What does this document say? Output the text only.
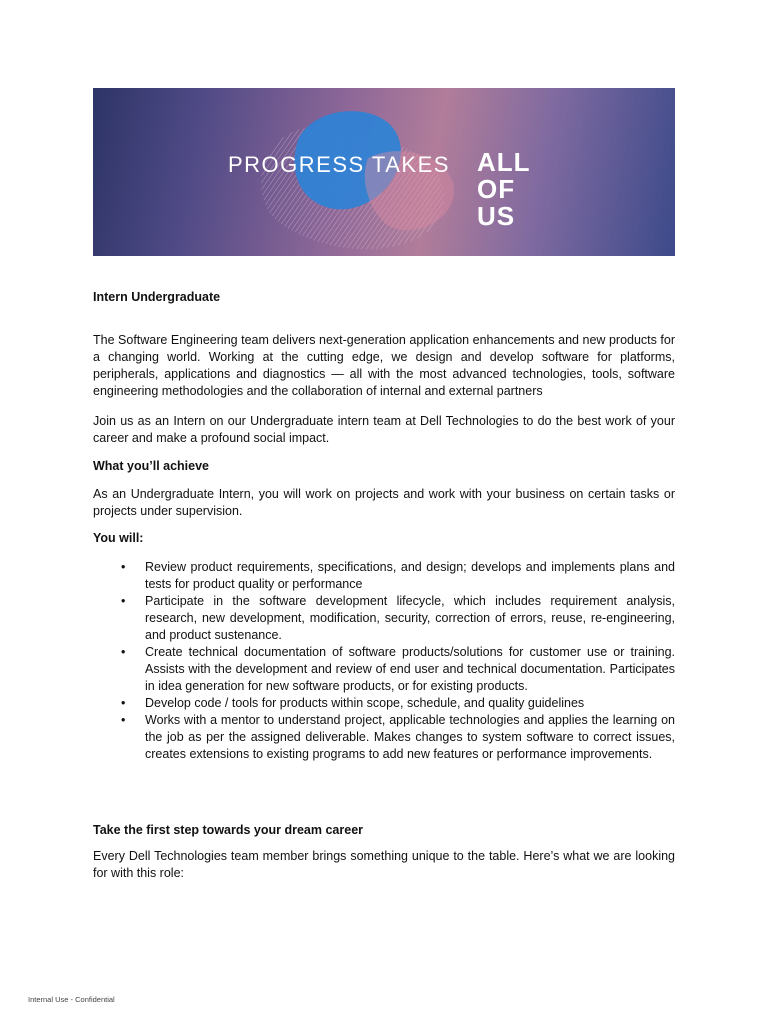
PROGRESS TAKES ALL
OF
US
Intern Undergraduate

The Software Engineering team delivers next-generation application enhancements and new products for a changing world. Working at the cutting edge, we design and develop software for platforms, peripherals, applications and diagnostics — all with the most advanced technologies, tools, software engineering methodologies and the collaboration of internal and external partners

Join us as an Intern on our Undergraduate intern team at Dell Technologies to do the best work of your career and make a profound social impact.

What you’ll achieve

As an Undergraduate Intern, you will work on projects and work with your business on certain tasks or projects under supervision.

You will:
• Review product requirements, specifications, and design; develops and implements plans and tests for product quality or performance
• Participate in the software development lifecycle, which includes requirement analysis, research, new development, modification, security, correction of errors, reuse, re-engineering, and product sustenance.
• Create technical documentation of software products/solutions for customer use or training. Assists with the development and review of end user and technical documentation. Participates in idea generation for new software products, or for existing products.
• Develop code / tools for products within scope, schedule, and quality guidelines
• Works with a mentor to understand project, applicable technologies and applies the learning on the job as per the assigned deliverable. Makes changes to system software to correct issues, creates extensions to existing programs to add new features or performance improvements.
Take the first step towards your dream career

Every Dell Technologies team member brings something unique to the table. Here’s what we are looking for with this role:

Internal Use - Confidential
